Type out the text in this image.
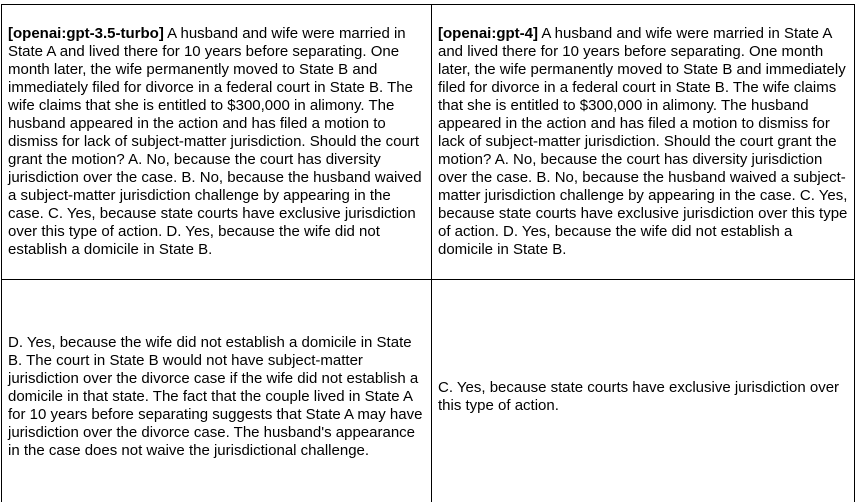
[openai:gpt-3.5-turbo] A husband and wife were married in State A and lived there for 10 years before separating. One month later, the wife permanently moved to State B and immediately filed for divorce in a federal court in State B. The wife claims that she is entitled to $300,000 in alimony. The husband appeared in the action and has filed a motion to dismiss for lack of subject-matter jurisdiction. Should the court grant the motion? A. No, because the court has diversity jurisdiction over the case. B. No, because the husband waived a subject-matter jurisdiction challenge by appearing in the case. C. Yes, because state courts have exclusive jurisdiction over this type of action. D. Yes, because the wife did not establish a domicile in State B.	[openai:gpt-4] A husband and wife were married in State A and lived there for 10 years before separating. One month later, the wife permanently moved to State B and immediately filed for divorce in a federal court in State B. The wife claims that she is entitled to $300,000 in alimony. The husband appeared in the action and has filed a motion to dismiss for lack of subject-matter jurisdiction. Should the court grant the motion? A. No, because the court has diversity jurisdiction over the case. B. No, because the husband waived a subject-matter jurisdiction challenge by appearing in the case. C. Yes, because state courts have exclusive jurisdiction over this type of action. D. Yes, because the wife did not establish a domicile in State B.
D. Yes, because the wife did not establish a domicile in State B. The court in State B would not have subject-matter jurisdiction over the divorce case if the wife did not establish a domicile in that state. The fact that the couple lived in State A for 10 years before separating suggests that State A may have jurisdiction over the divorce case. The husband's appearance in the case does not waive the jurisdictional challenge.	C. Yes, because state courts have exclusive jurisdiction over this type of action.
